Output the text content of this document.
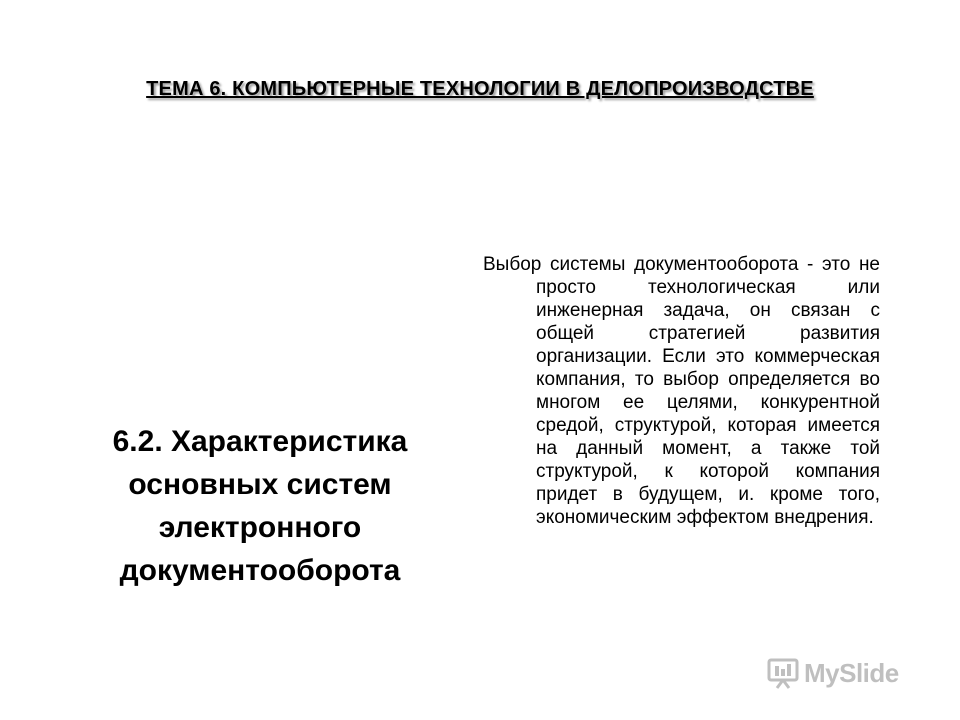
ТЕМА 6. КОМПЬЮТЕРНЫЕ ТЕХНОЛОГИИ В ДЕЛОПРОИЗВОДСТВЕ
6.2. Характеристика основных систем электронного документооборота

Выбор системы документооборота - это не просто технологическая или инженерная задача, он связан с общей стратегией развития организации. Если это коммерческая компания, то выбор определяется во многом ее целями, конкурентной средой, структурой, которая имеется на данный момент, а также той структурой, к которой компания придет в будущем, и. кроме того, экономическим эффектом внедрения.

MySlide
